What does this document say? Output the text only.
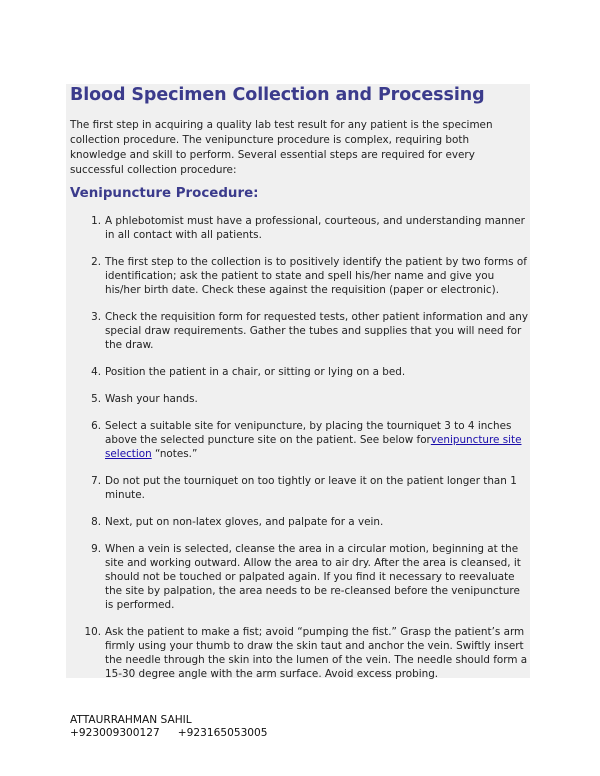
Blood Specimen Collection and Processing

The first step in acquiring a quality lab test result for any patient is the specimen collection procedure. The venipuncture procedure is complex, requiring both knowledge and skill to perform. Several essential steps are required for every successful collection procedure:

Venipuncture Procedure:
1. A phlebotomist must have a professional, courteous, and understanding manner in all contact with all patients.
2. The first step to the collection is to positively identify the patient by two forms of identification; ask the patient to state and spell his/her name and give you his/her birth date. Check these against the requisition (paper or electronic).
3. Check the requisition form for requested tests, other patient information and any special draw requirements. Gather the tubes and supplies that you will need for the draw.
4. Position the patient in a chair, or sitting or lying on a bed.
5. Wash your hands.
6. Select a suitable site for venipuncture, by placing the tourniquet 3 to 4 inches above the selected puncture site on the patient. See below forvenipuncture site selection “notes.”
7. Do not put the tourniquet on too tightly or leave it on the patient longer than 1 minute.
8. Next, put on non-latex gloves, and palpate for a vein.
9. When a vein is selected, cleanse the area in a circular motion, beginning at the site and working outward. Allow the area to air dry. After the area is cleansed, it should not be touched or palpated again. If you find it necessary to reevaluate the site by palpation, the area needs to be re-cleansed before the venipuncture is performed.
10. Ask the patient to make a fist; avoid “pumping the fist.” Grasp the patient’s arm firmly using your thumb to draw the skin taut and anchor the vein. Swiftly insert the needle through the skin into the lumen of the vein. The needle should form a 15-30 degree angle with the arm surface. Avoid excess probing.
ATTAURRAHMAN SAHIL
+923009300127 +923165053005
